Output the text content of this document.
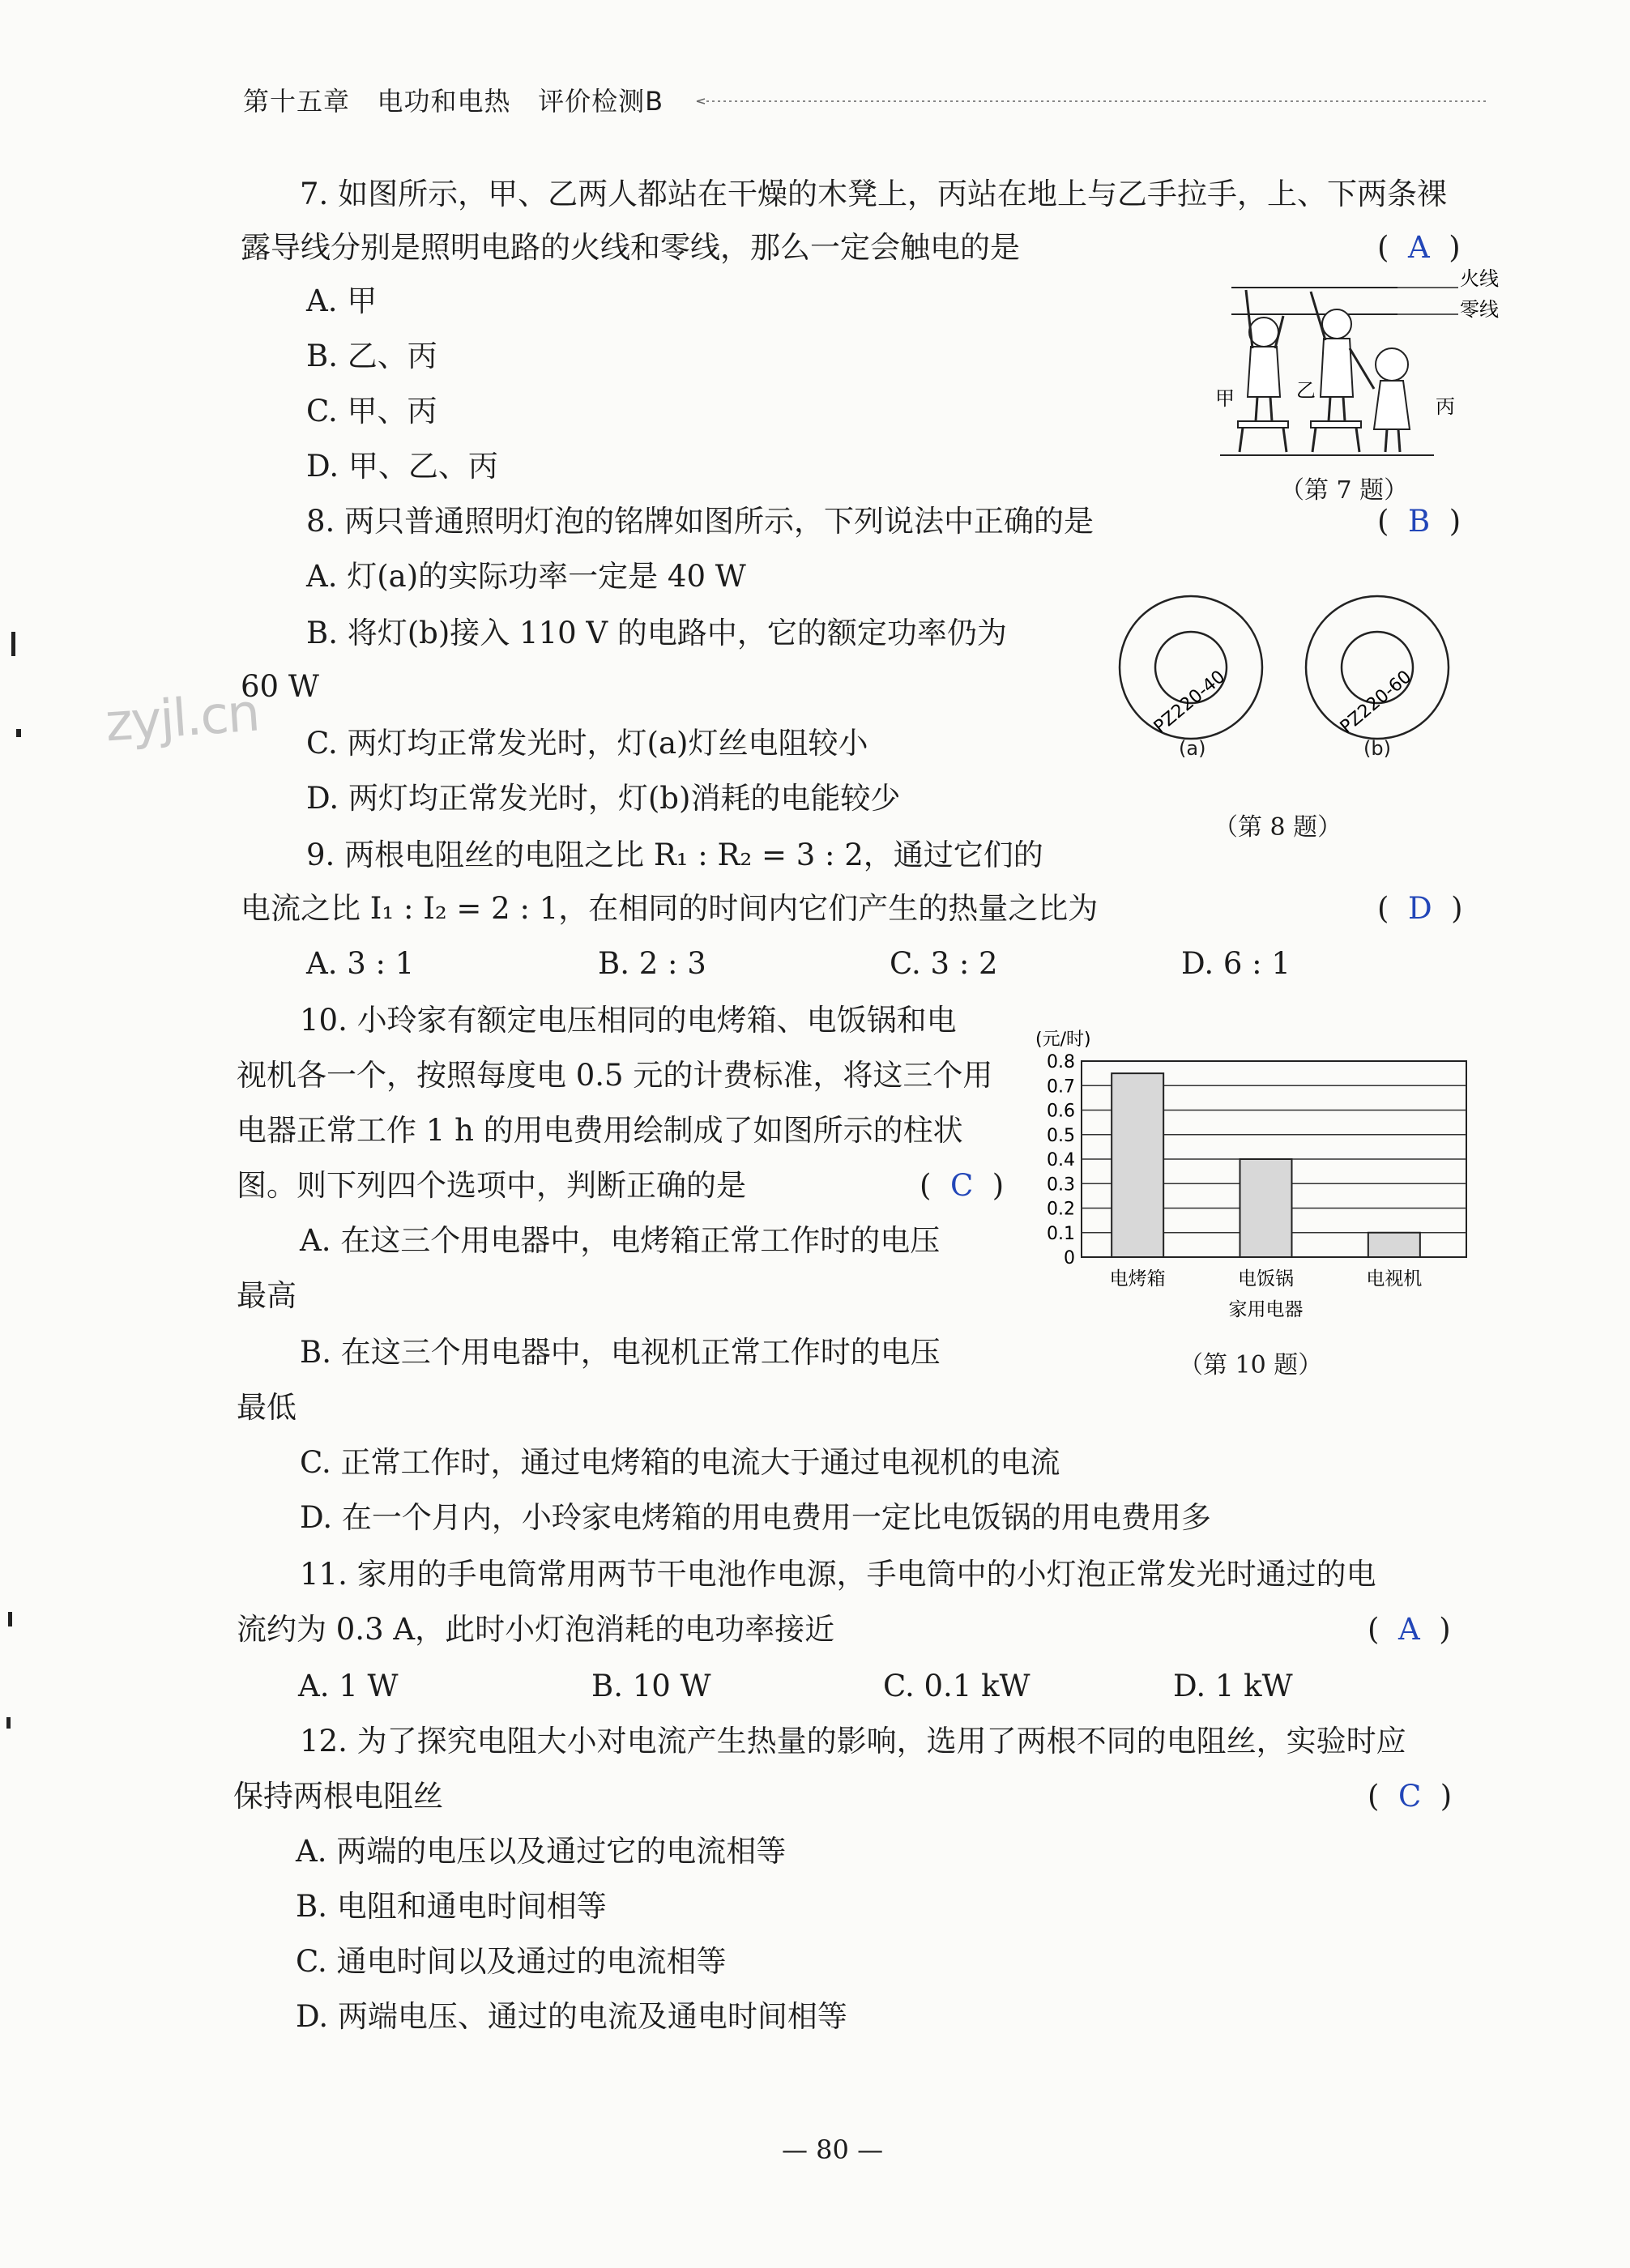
第十五章 电功和电热 评价检测B
zyjl.cn
7. 如图所示，甲、乙两人都站在干燥的木凳上，丙站在地上与乙手拉手，上、下两条裸
露导线分别是照明电路的火线和零线，那么一定会触电的是	(  A  )
A. 甲
B. 乙、丙
C. 甲、丙
D. 甲、乙、丙
火线
零线
甲	乙
丙
（第 7 题）
8. 两只普通照明灯泡的铭牌如图所示，下列说法中正确的是	(  B  )
A. 灯(a)的实际功率一定是 40 W
B. 将灯(b)接入 110 V 的电路中，它的额定功率仍为
60 W
C. 两灯均正常发光时，灯(a)灯丝电阻较小
D. 两灯均正常发光时，灯(b)消耗的电能较少
PZ220-40	PZ220-60
(a)	(b)
（第 8 题）
9. 两根电阻丝的电阻之比 R₁ : R₂ = 3 : 2，通过它们的
电流之比 I₁ : I₂ = 2 : 1，在相同的时间内它们产生的热量之比为	(  D  )
A. 3 : 1	B. 2 : 3	C. 3 : 2	D. 6 : 1
10. 小玲家有额定电压相同的电烤箱、电饭锅和电
视机各一个，按照每度电 0.5 元的计费标准，将这三个用
电器正常工作 1 h 的用电费用绘制成了如图所示的柱状
图。则下列四个选项中，判断正确的是	(  C  )
A. 在这三个用电器中，电烤箱正常工作时的电压
最高
B. 在这三个用电器中，电视机正常工作时的电压
最低
C. 正常工作时，通过电烤箱的电流大于通过电视机的电流
D. 在一个月内，小玲家电烤箱的用电费用一定比电饭锅的用电费用多
0
0.1
0.2
0.3
0.4
0.5
0.6
0.7
0.8
(元/时)
电烤箱	电饭锅	电视机
家用电器
（第 10 题）
11. 家用的手电筒常用两节干电池作电源，手电筒中的小灯泡正常发光时通过的电
流约为 0.3 A，此时小灯泡消耗的电功率接近	(  A  )
A. 1 W	B. 10 W	C. 0.1 kW	D. 1 kW
12. 为了探究电阻大小对电流产生热量的影响，选用了两根不同的电阻丝，实验时应
保持两根电阻丝	(  C  )
A. 两端的电压以及通过它的电流相等
B. 电阻和通电时间相等
C. 通电时间以及通过的电流相等
D. 两端电压、通过的电流及通电时间相等
— 80 —
